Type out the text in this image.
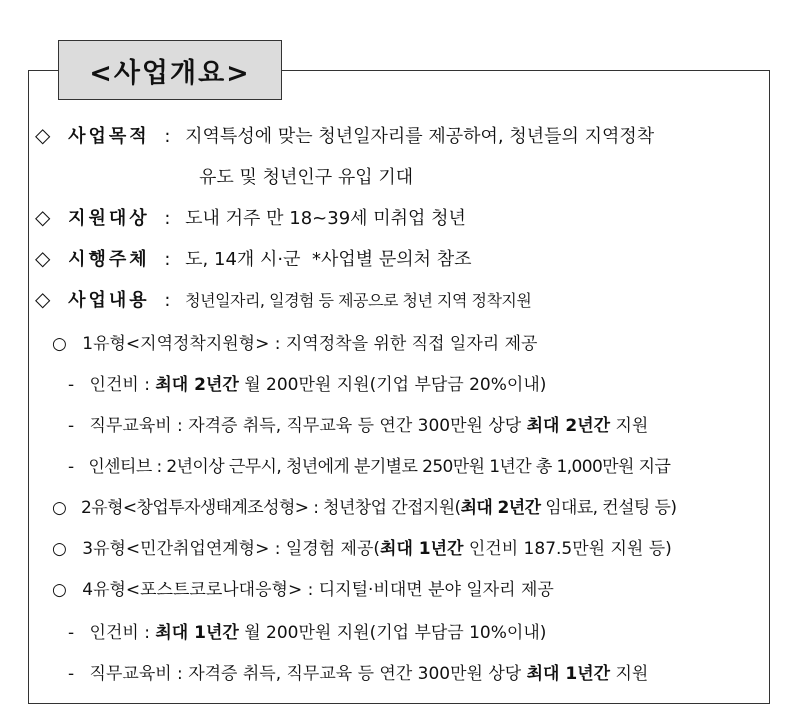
<사업개요>
◇ 사업목적 : 지역특성에 맞는 청년일자리를 제공하여, 청년들의 지역정착
유도 및 청년인구 유입 기대
◇ 지원대상 : 도내 거주 만 18~39세 미취업 청년
◇ 시행주체 : 도, 14개 시·군  *사업별 문의처 참조
◇ 사업내용 : 청년일자리, 일경험 등 제공으로 청년 지역 정착지원
○ 1유형<지역정착지원형> : 지역정착을 위한 직접 일자리 제공
- 인건비 : 최대 2년간 월 200만원 지원(기업 부담금 20%이내)
- 직무교육비 : 자격증 취득, 직무교육 등 연간 300만원 상당 최대 2년간 지원
- 인센티브 : 2년이상 근무시, 청년에게 분기별로 250만원 1년간 총 1,000만원 지급
○ 2유형<창업투자생태계조성형> : 청년창업 간접지원(최대 2년간 임대료, 컨설팅 등)
○ 3유형<민간취업연계형> : 일경험 제공(최대 1년간 인건비 187.5만원 지원 등)
○ 4유형<포스트코로나대응형> : 디지털·비대면 분야 일자리 제공
- 인건비 : 최대 1년간 월 200만원 지원(기업 부담금 10%이내)
- 직무교육비 : 자격증 취득, 직무교육 등 연간 300만원 상당 최대 1년간 지원
